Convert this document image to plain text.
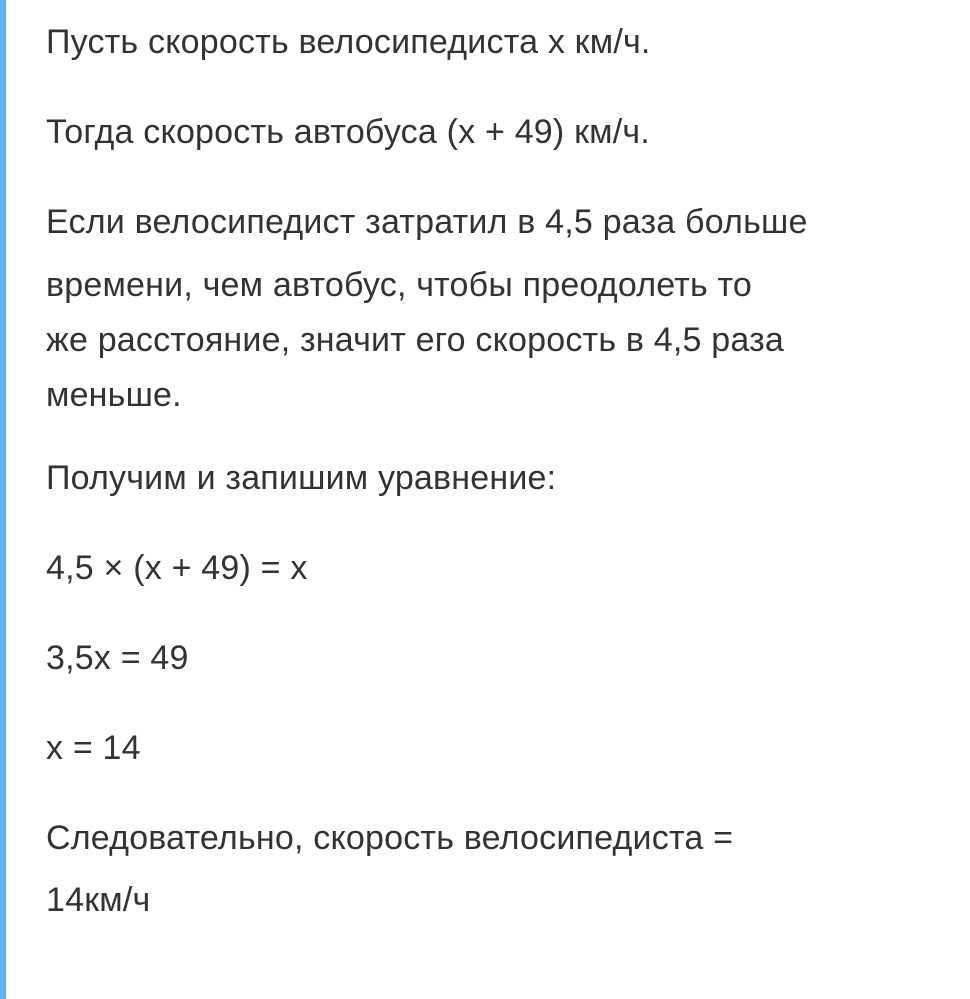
Пусть скорость велосипедиста x км/ч.
Тогда скорость автобуса (x + 49) км/ч.
Если велосипедист затратил в 4,5 раза больше
времени, чем автобус, чтобы преодолеть то
же расстояние, значит его скорость в 4,5 раза
меньше.
Получим и запишим уравнение:
4,5 × (x + 49) = x
3,5x = 49
x = 14
Следовательно, скорость велосипедиста =
14км/ч
